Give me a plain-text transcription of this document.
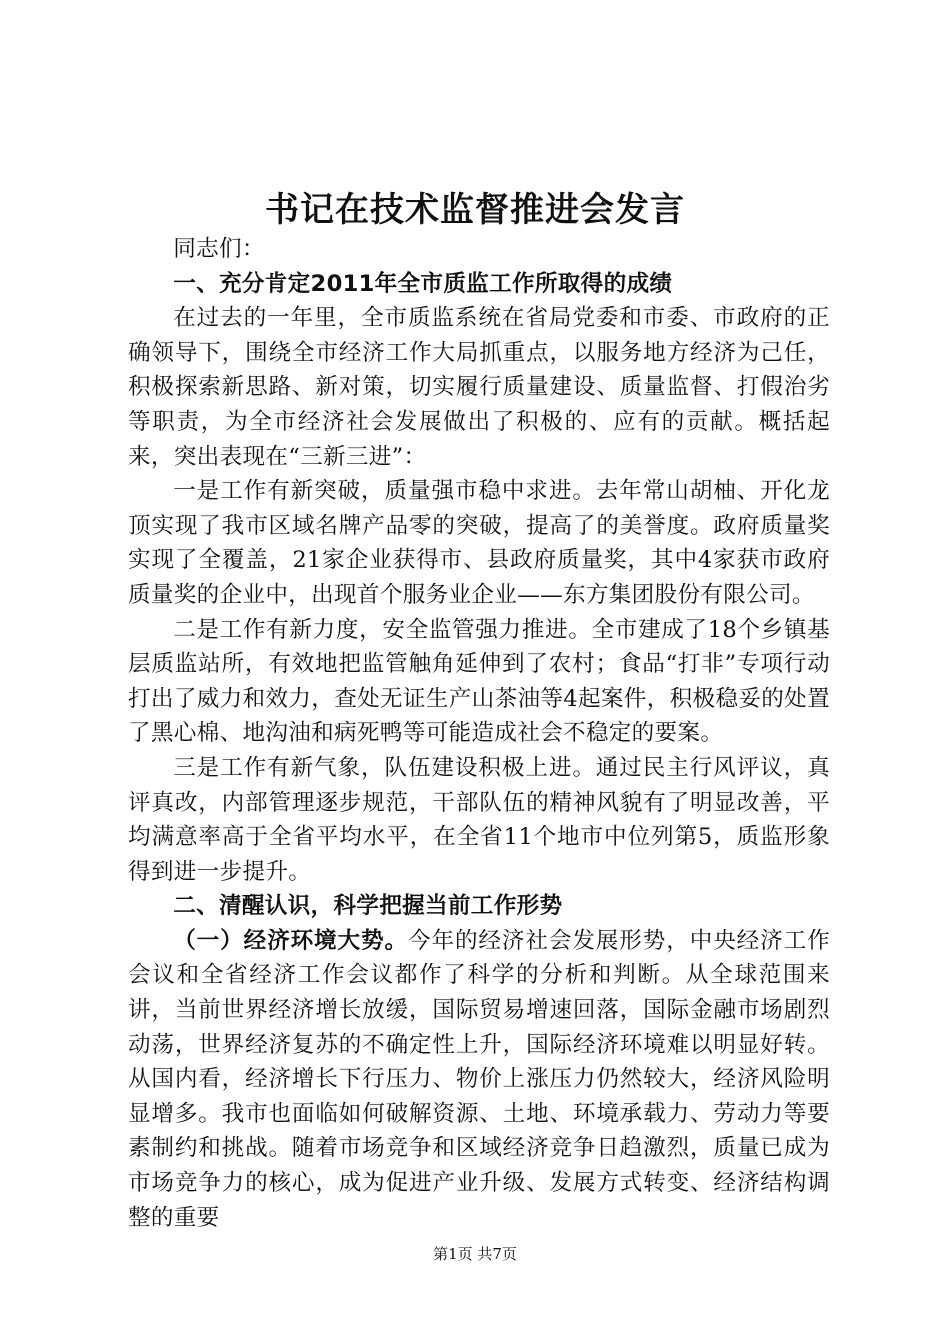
书记在技术监督推进会发言

同志们：

一、充分肯定2011年全市质监工作所取得的成绩

在过去的一年里，全市质监系统在省局党委和市委、市政府的正确领导下，围绕全市经济工作大局抓重点，以服务地方经济为己任，积极探索新思路、新对策，切实履行质量建设、质量监督、打假治劣等职责，为全市经济社会发展做出了积极的、应有的贡献。概括起来，突出表现在“三新三进”：

一是工作有新突破，质量强市稳中求进。去年常山胡柚、开化龙顶实现了我市区域名牌产品零的突破，提高了的美誉度。政府质量奖实现了全覆盖，21家企业获得市、县政府质量奖，其中4家获市政府质量奖的企业中，出现首个服务业企业——东方集团股份有限公司。

二是工作有新力度，安全监管强力推进。全市建成了18个乡镇基层质监站所，有效地把监管触角延伸到了农村；食品“打非”专项行动打出了威力和效力，查处无证生产山茶油等4起案件，积极稳妥的处置了黑心棉、地沟油和病死鸭等可能造成社会不稳定的要案。

三是工作有新气象，队伍建设积极上进。通过民主行风评议，真评真改，内部管理逐步规范，干部队伍的精神风貌有了明显改善，平均满意率高于全省平均水平，在全省11个地市中位列第5，质监形象得到进一步提升。

二、清醒认识，科学把握当前工作形势

（一）经济环境大势。今年的经济社会发展形势，中央经济工作会议和全省经济工作会议都作了科学的分析和判断。从全球范围来讲，当前世界经济增长放缓，国际贸易增速回落，国际金融市场剧烈动荡，世界经济复苏的不确定性上升，国际经济环境难以明显好转。从国内看，经济增长下行压力、物价上涨压力仍然较大，经济风险明显增多。我市也面临如何破解资源、土地、环境承载力、劳动力等要素制约和挑战。随着市场竞争和区域经济竞争日趋激烈，质量已成为市场竞争力的核心，成为促进产业升级、发展方式转变、经济结构调整的重要

第1页 共7页
